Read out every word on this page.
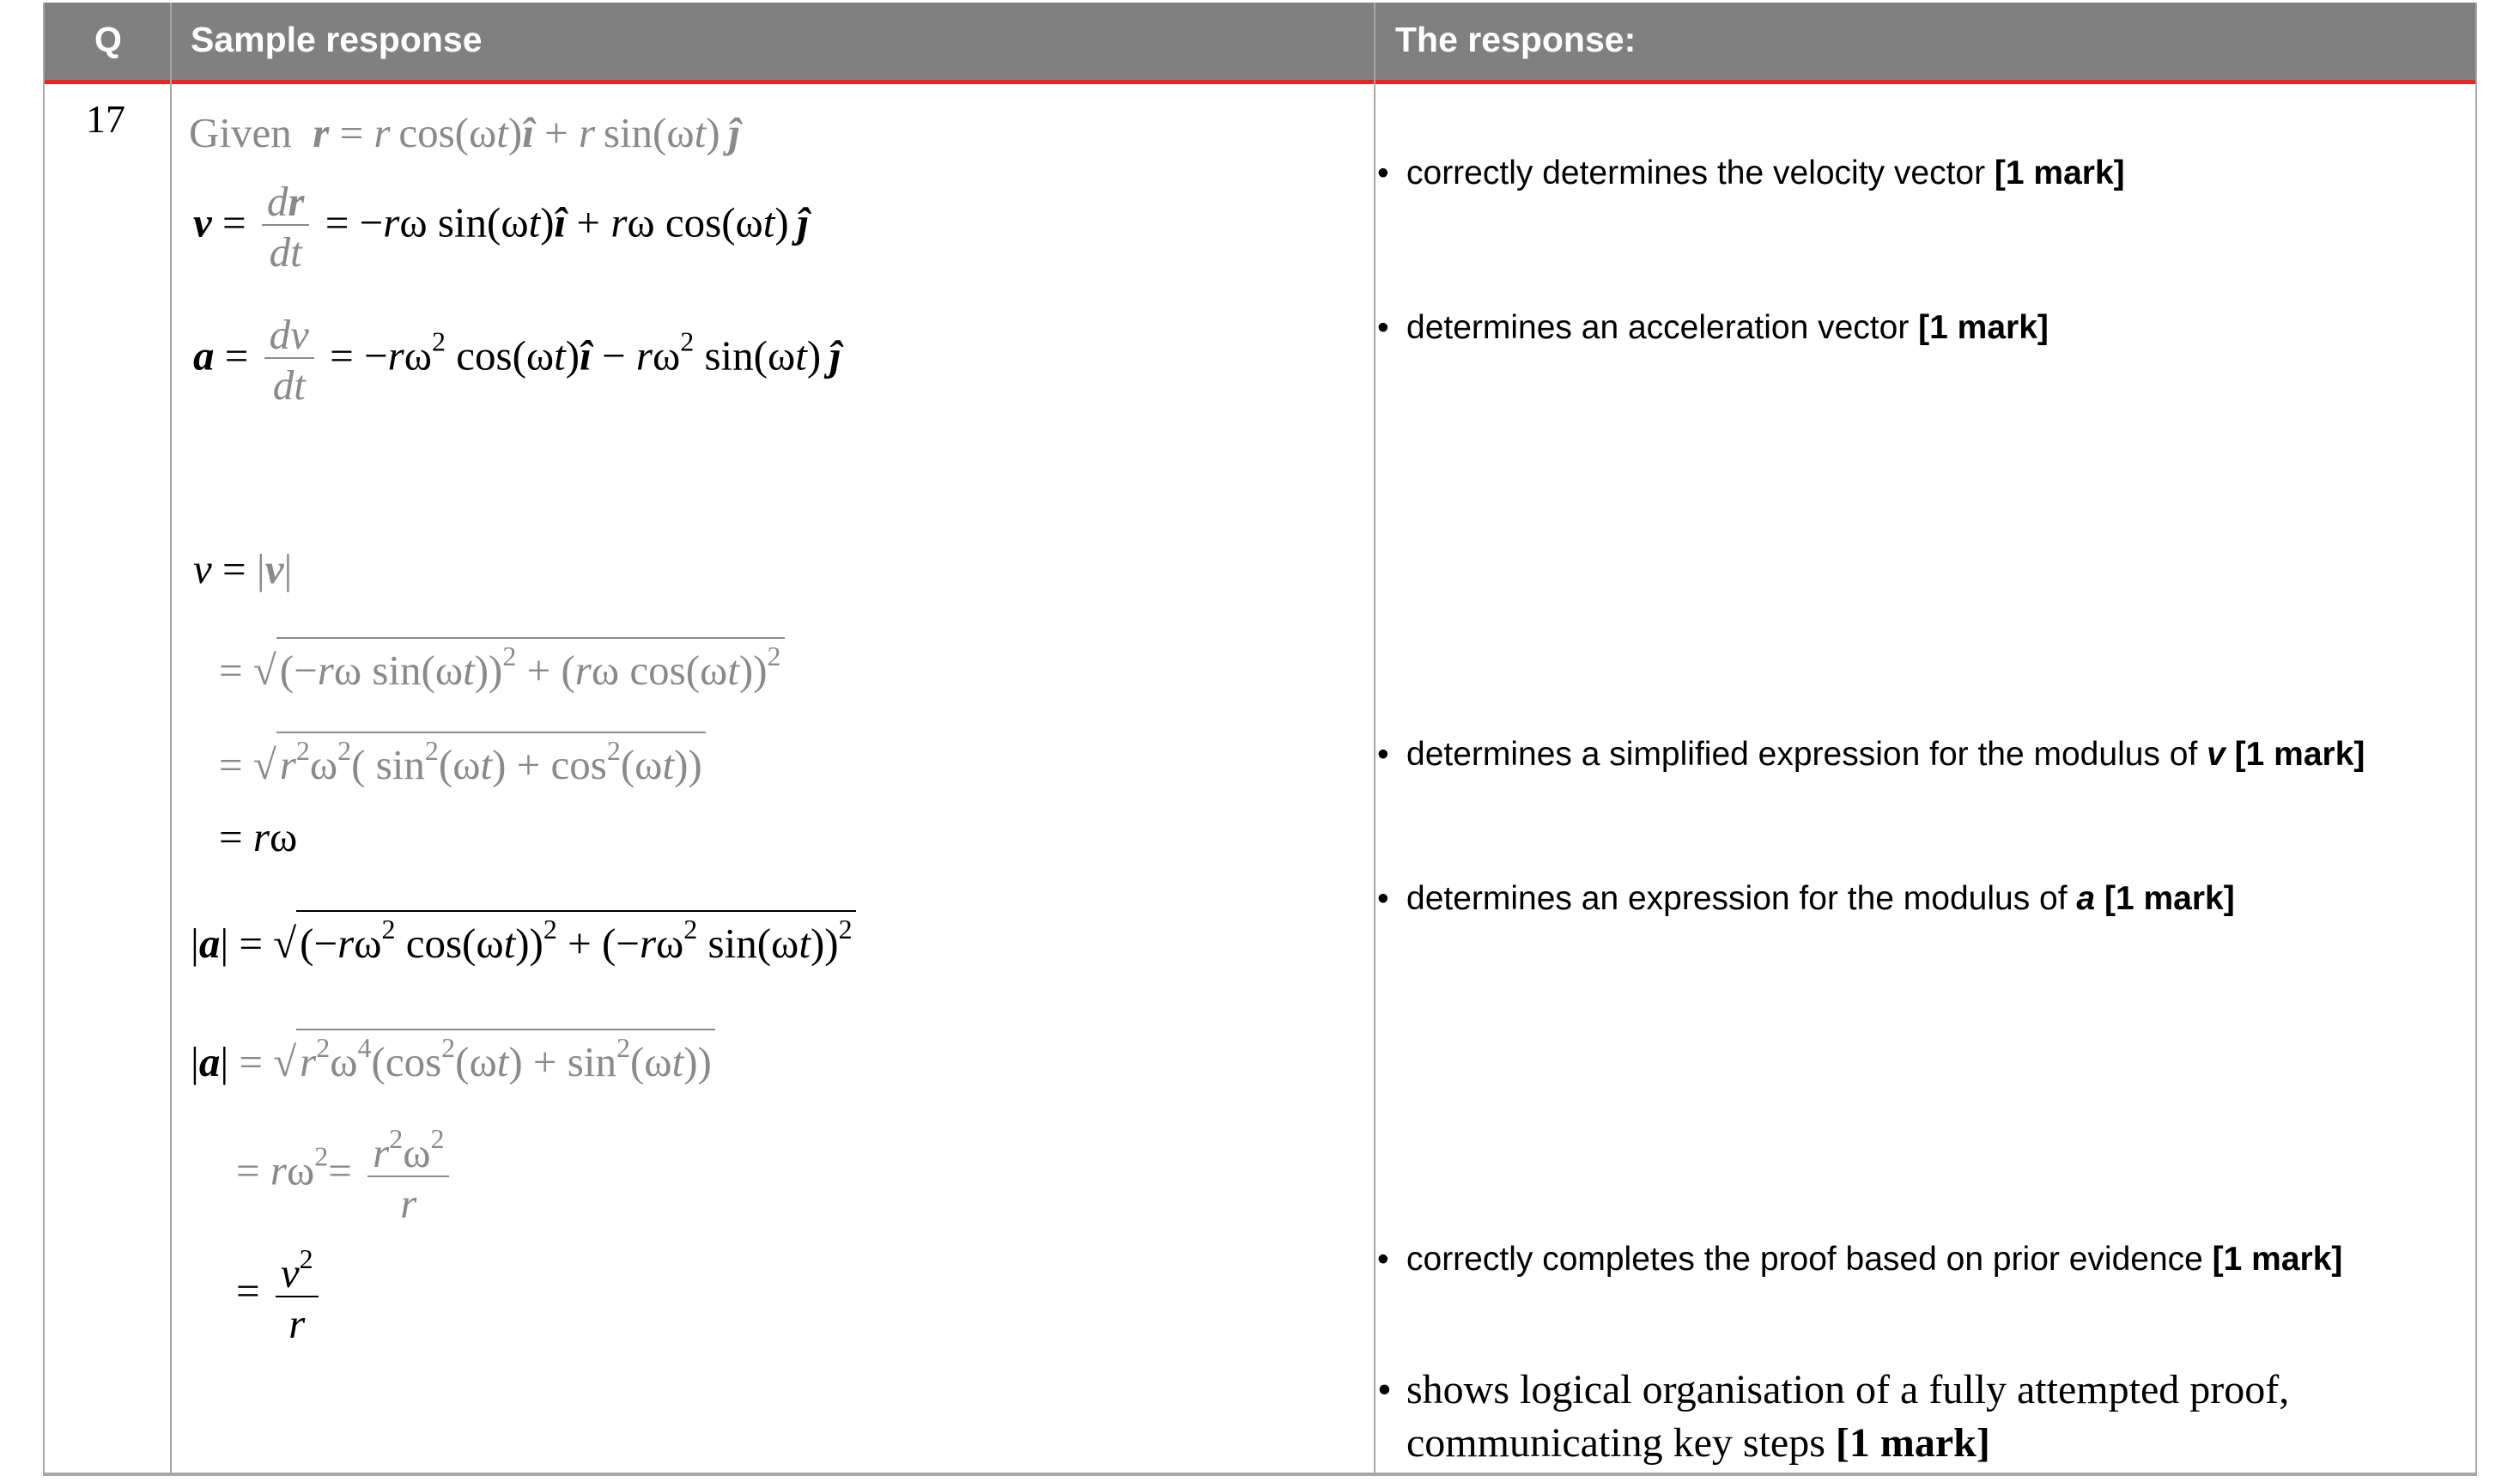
Q Sample response	The response:
17	Given r = r cos(ωt)î + r sin(ωt) ĵ
$v = \frac{dr}{dt} = -r\omega$ sin(ωt)î + rω cos(ωt) ĵ
$a = \frac{dv}{dt} = -r\omega^2$ cos(ωt)î − $r\omega^2$ sin(ωt) ĵ
v = |v|
= √(−rω sin(ωt))$^2$ + (rω cos(ωt))$^2$
= $√r^2\omega^2$( $\sin^2(\omega t) + \cos^2(\omega t)$)
= rω
$|a| = √(-r\omega^2$ $\cos(\omega t))^2 + (-r\omega^2$ sin(ωt))$^2$
$|a| = √r^2\omega^4(\cos^2(\omega t) + \sin^2(\omega t))$
= $r\omega^2= \frac{r^2\omega^2}{r}$
= $\frac{v^2}{r}$
• correctly determines the velocity vector [1 mark]
• determines an acceleration vector [1 mark]
• determines a simplified expression for the modulus of v [1 mark]
• determines an expression for the modulus of a [1 mark]
• correctly completes the proof based on prior evidence [1 mark]
• shows logical organisation of a fully attempted proof,
communicating key steps [1 mark]
